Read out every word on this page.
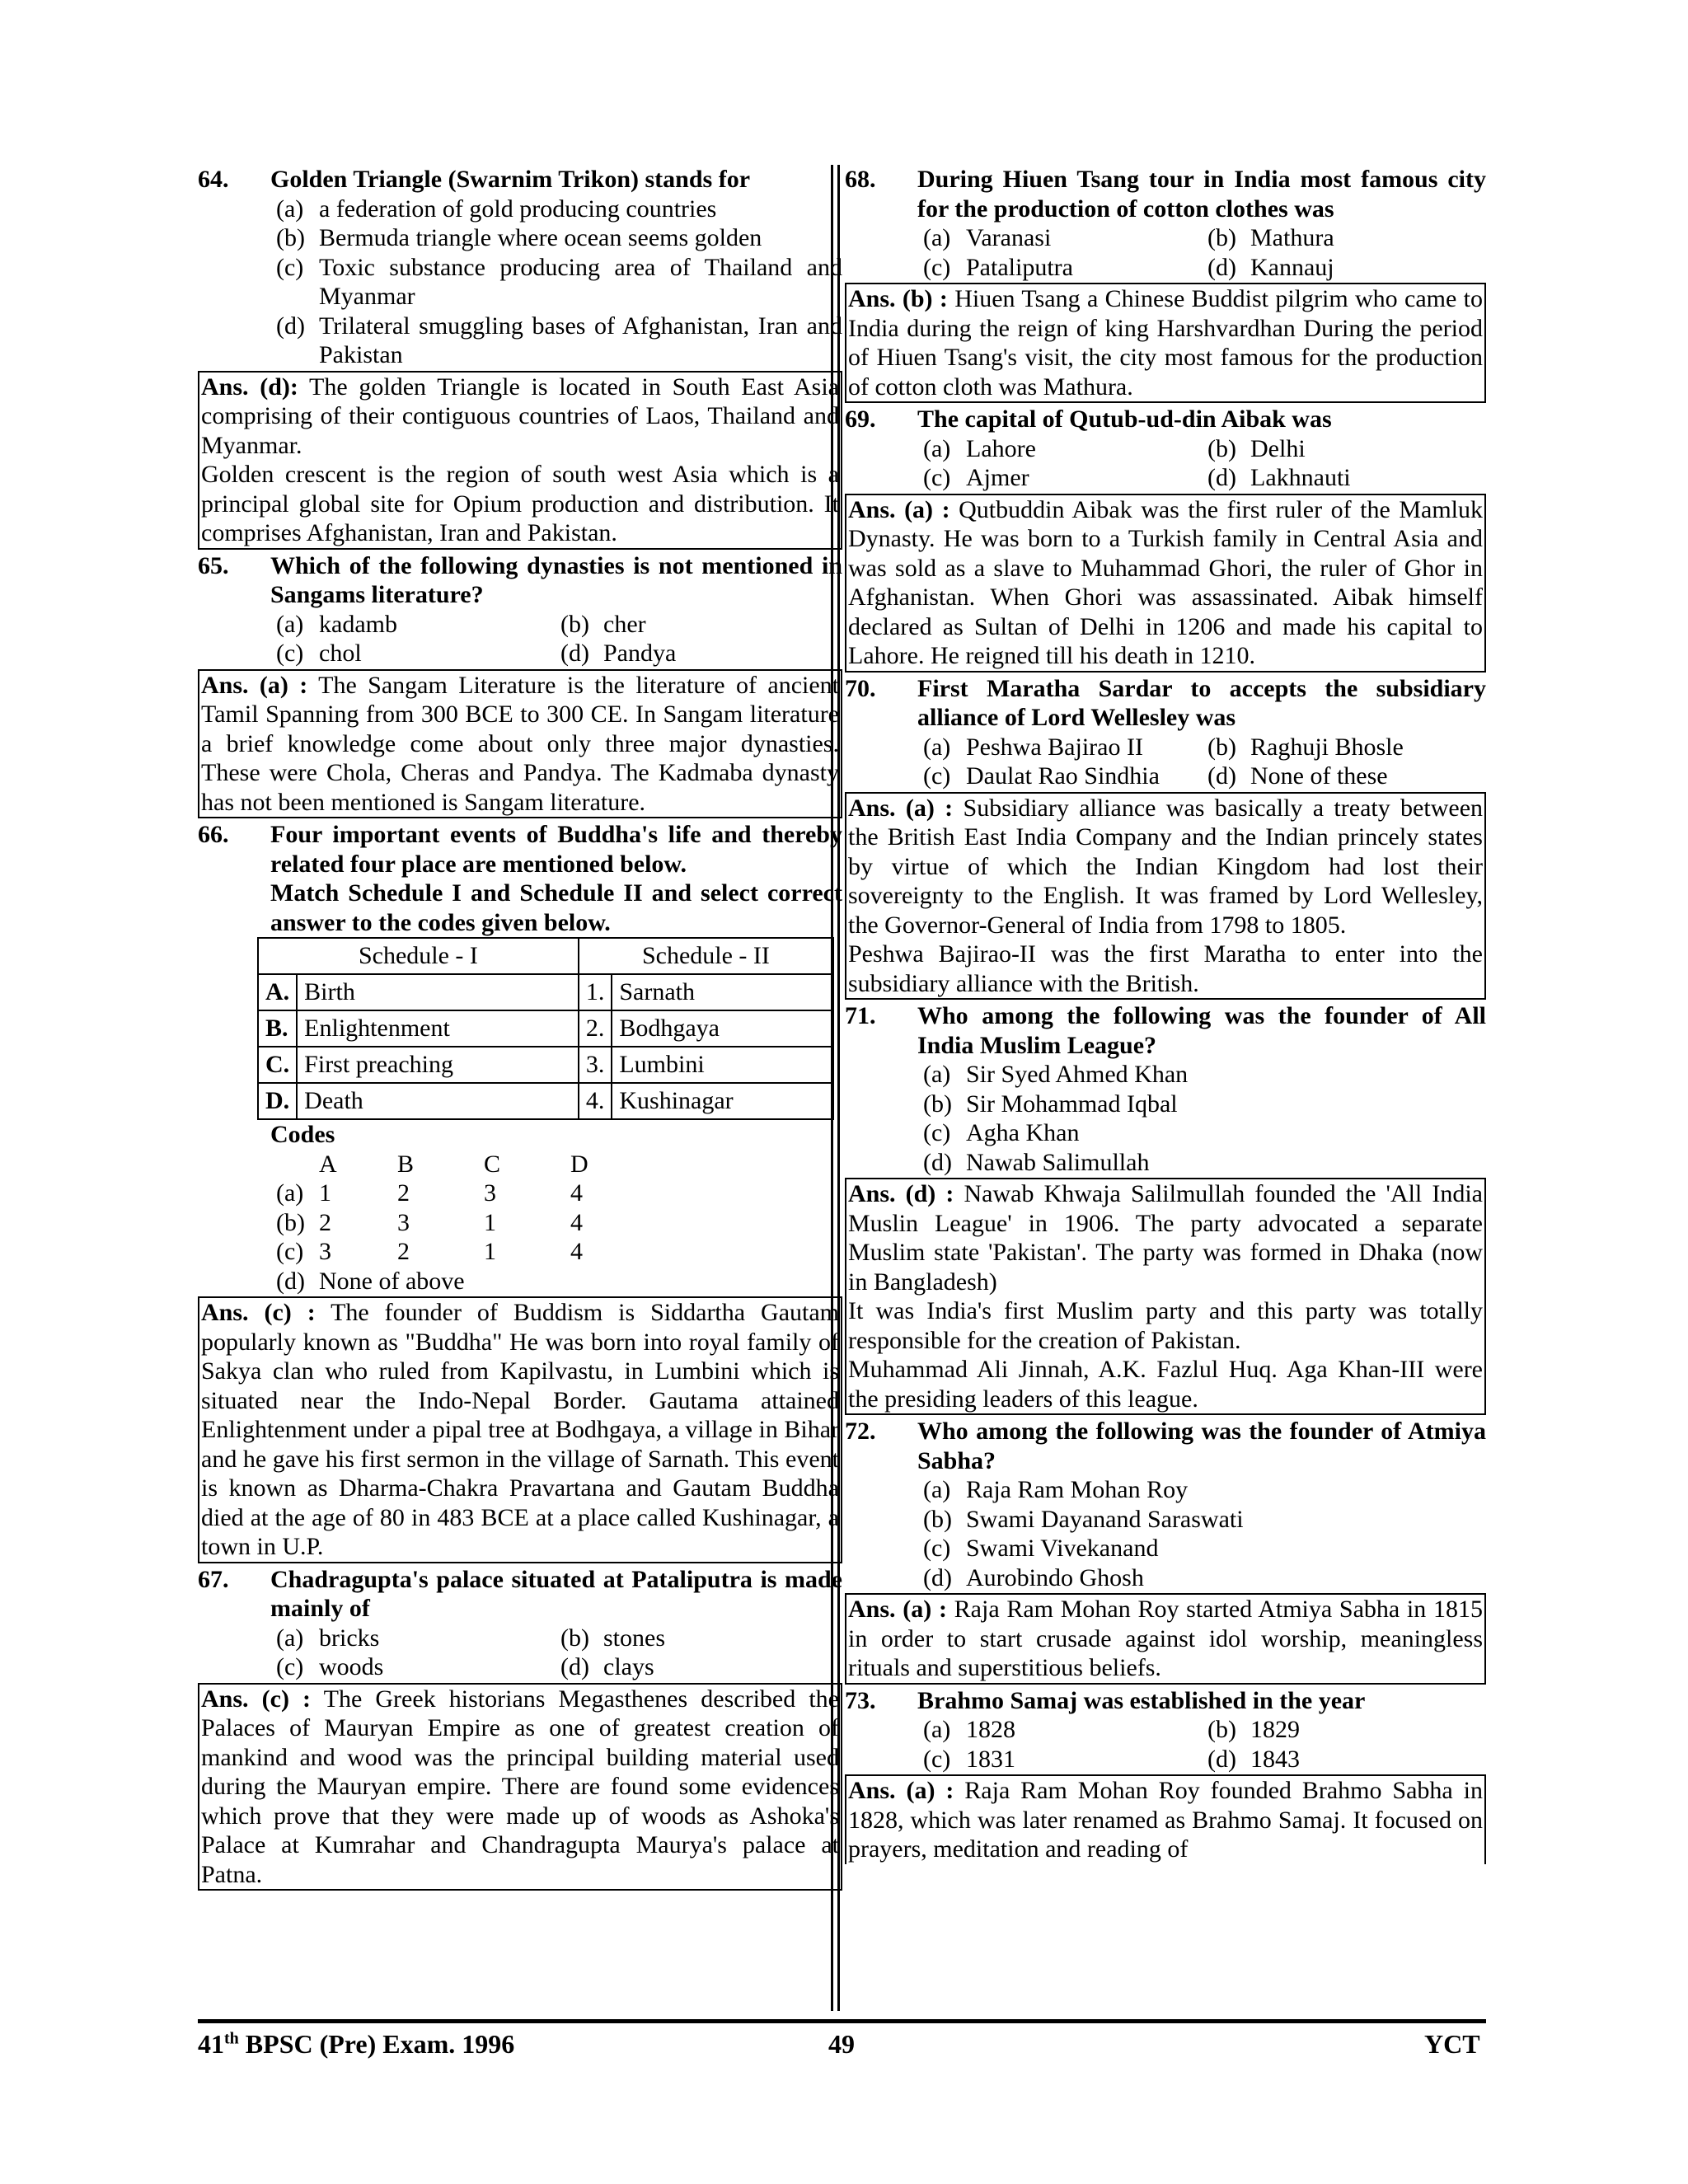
64.	Golden Triangle (Swarnim Trikon) stands for
(a) a federation of gold producing countries
(b) Bermuda triangle where ocean seems golden
(c) Toxic substance producing area of Thailand and Myanmar
(d) Trilateral smuggling bases of Afghanistan, Iran and Pakistan
Ans. (d): The golden Triangle is located in South East Asia comprising of their contiguous countries of Laos, Thailand and Myanmar.
Golden crescent is the region of south west Asia which is a principal global site for Opium production and distribution. It comprises Afghanistan, Iran and Pakistan.
65.	Which of the following dynasties is not mentioned in Sangams literature?
(a) kadamb	(b) cher
(c) chol	(d) Pandya
Ans. (a) : The Sangam Literature is the literature of ancient Tamil Spanning from 300 BCE to 300 CE. In Sangam literature a brief knowledge come about only three major dynasties. These were Chola, Cheras and Pandya. The Kadmaba dynasty has not been mentioned is Sangam literature.
66.	Four important events of Buddha's life and thereby related four place are mentioned below.
Match Schedule I and Schedule II and select correct answer to the codes given below.
Schedule - I		Schedule - II	
A.	Birth	1.	Sarnath
B.	Enlightenment	2.	Bodhgaya
C.	First preaching	3.	Lumbini
D.	Death	4.	Kushinagar
Codes
A	B	C	D
(a) 1	2	3	4
(b) 2	3	1	4
(c) 3	2	1	4
(d) None of above
Ans. (c) : The founder of Buddism is Siddartha Gautam popularly known as "Buddha" He was born into royal family of Sakya clan who ruled from Kapilvastu, in Lumbini which is situated near the Indo-Nepal Border. Gautama attained Enlightenment under a pipal tree at Bodhgaya, a village in Bihar and he gave his first sermon in the village of Sarnath. This event is known as Dharma-Chakra Pravartana and Gautam Buddha died at the age of 80 in 483 BCE at a place called Kushinagar, a town in U.P.
67.	Chadragupta's palace situated at Pataliputra is made mainly of
(a) bricks	(b) stones
(c) woods	(d) clays
Ans. (c) : The Greek historians Megasthenes described the Palaces of Mauryan Empire as one of greatest creation of mankind and wood was the principal building material used during the Mauryan empire. There are found some evidences which prove that they were made up of woods as Ashoka's Palace at Kumrahar and Chandragupta Maurya's palace at Patna.
68.	During Hiuen Tsang tour in India most famous city for the production of cotton clothes was
(a) Varanasi	(b) Mathura
(c) Pataliputra	(d) Kannauj
Ans. (b) : Hiuen Tsang a Chinese Buddist pilgrim who came to India during the reign of king Harshvardhan During the period of Hiuen Tsang's visit, the city most famous for the production of cotton cloth was Mathura.
69.	The capital of Qutub-ud-din Aibak was
(a) Lahore	(b) Delhi
(c) Ajmer	(d) Lakhnauti
Ans. (a) : Qutbuddin Aibak was the first ruler of the Mamluk Dynasty. He was born to a Turkish family in Central Asia and was sold as a slave to Muhammad Ghori, the ruler of Ghor in Afghanistan. When Ghori was assassinated. Aibak himself declared as Sultan of Delhi in 1206 and made his capital to Lahore. He reigned till his death in 1210.
70.	First Maratha Sardar to accepts the subsidiary alliance of Lord Wellesley was
(a) Peshwa Bajirao II	(b) Raghuji Bhosle
(c) Daulat Rao Sindhia (d) None of these
Ans. (a) : Subsidiary alliance was basically a treaty between the British East India Company and the Indian princely states by virtue of which the Indian Kingdom had lost their sovereignty to the English. It was framed by Lord Wellesley, the Governor-General of India from 1798 to 1805.
Peshwa Bajirao-II was the first Maratha to enter into the subsidiary alliance with the British.
71.	Who among the following was the founder of All India Muslim League?
(a) Sir Syed Ahmed Khan
(b) Sir Mohammad Iqbal
(c) Agha Khan
(d) Nawab Salimullah
Ans. (d) : Nawab Khwaja Salilmullah founded the 'All India Muslin League' in 1906. The party advocated a separate Muslim state 'Pakistan'. The party was formed in Dhaka (now in Bangladesh)
It was India's first Muslim party and this party was totally responsible for the creation of Pakistan.
Muhammad Ali Jinnah, A.K. Fazlul Huq. Aga Khan-III were the presiding leaders of this league.
72.	Who among the following was the founder of Atmiya Sabha?
(a) Raja Ram Mohan Roy
(b) Swami Dayanand Saraswati
(c) Swami Vivekanand
(d) Aurobindo Ghosh
Ans. (a) : Raja Ram Mohan Roy started Atmiya Sabha in 1815 in order to start crusade against idol worship, meaningless rituals and superstitious beliefs.
73.	Brahmo Samaj was established in the year
(a) 1828	(b) 1829
(c) 1831	(d) 1843
Ans. (a) : Raja Ram Mohan Roy founded Brahmo Sabha in 1828, which was later renamed as Brahmo Samaj. It focused on prayers, meditation and reading of
41th BPSC (Pre) Exam. 1996	49	YCT
